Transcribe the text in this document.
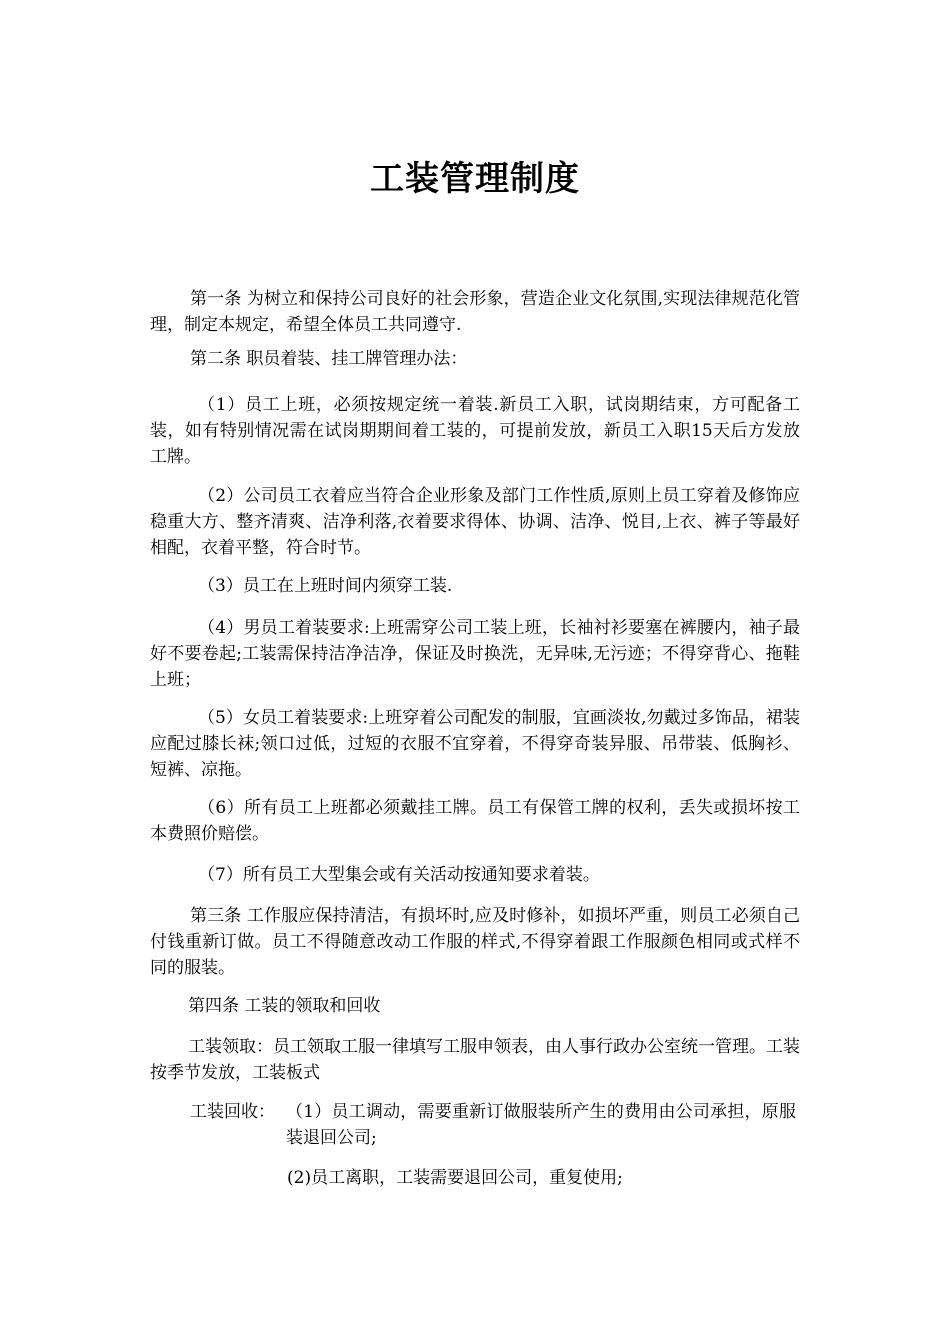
工装管理制度
第一条 为树立和保持公司良好的社会形象，营造企业文化氛围,实现法律规范化管理，制定本规定，希望全体员工共同遵守.
第二条 职员着装、挂工牌管理办法：
（1）员工上班，必须按规定统一着装.新员工入职，试岗期结束，方可配备工装，如有特别情况需在试岗期期间着工装的，可提前发放，新员工入职15天后方发放工牌。
（2）公司员工衣着应当符合企业形象及部门工作性质,原则上员工穿着及修饰应稳重大方、整齐清爽、洁净利落,衣着要求得体、协调、洁净、悦目,上衣、裤子等最好相配，衣着平整，符合时节。
（3）员工在上班时间内须穿工装.
（4）男员工着装要求:上班需穿公司工装上班，长袖衬衫要塞在裤腰内，袖子最好不要卷起;工装需保持洁净洁净，保证及时换洗，无异味,无污迹；不得穿背心、拖鞋上班；
（5）女员工着装要求:上班穿着公司配发的制服，宜画淡妆,勿戴过多饰品，裙装应配过膝长袜;领口过低，过短的衣服不宜穿着，不得穿奇装异服、吊带装、低胸衫、短裤、凉拖。
（6）所有员工上班都必须戴挂工牌。员工有保管工牌的权利，丢失或损坏按工本费照价赔偿。
（7）所有员工大型集会或有关活动按通知要求着装。
第三条 工作服应保持清洁，有损坏时,应及时修补，如损坏严重，则员工必须自己付钱重新订做。员工不得随意改动工作服的样式,不得穿着跟工作服颜色相同或式样不同的服装。
第四条 工装的领取和回收
工装领取：员工领取工服一律填写工服申领表，由人事行政办公室统一管理。工装按季节发放，工装板式
工装回收： （1）员工调动，需要重新订做服装所产生的费用由公司承担，原服装退回公司;
(2)员工离职，工装需要退回公司，重复使用;
